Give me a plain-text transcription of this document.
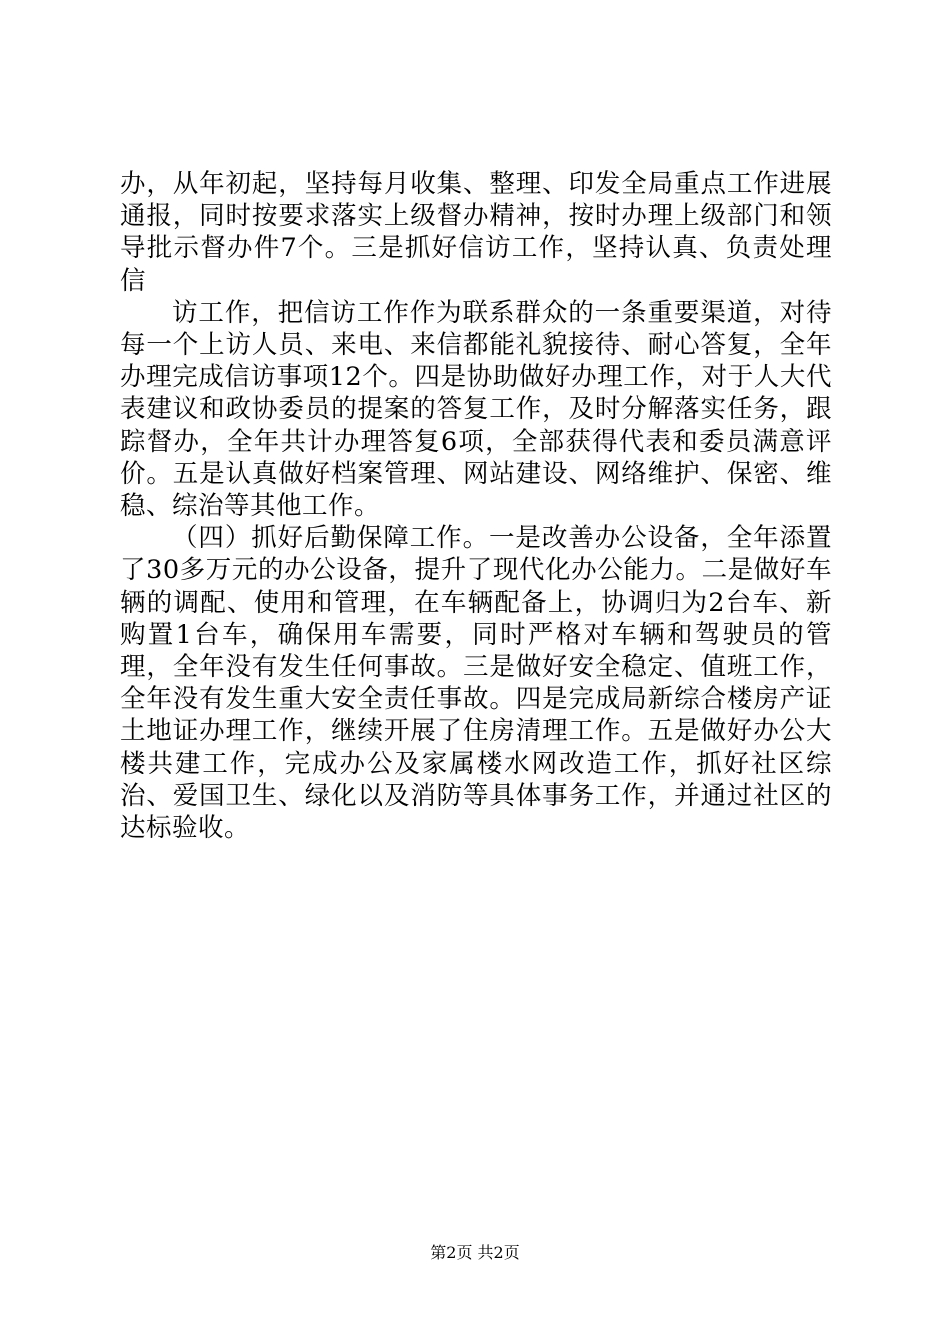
办，从年初起，坚持每月收集、整理、印发全局重点工作进展通报，同时按要求落实上级督办精神，按时办理上级部门和领导批示督办件7个。三是抓好信访工作，坚持认真、负责处理信

访工作，把信访工作作为联系群众的一条重要渠道，对待每一个上访人员、来电、来信都能礼貌接待、耐心答复，全年办理完成信访事项12个。四是协助做好办理工作，对于人大代表建议和政协委员的提案的答复工作，及时分解落实任务，跟踪督办，全年共计办理答复6项，全部获得代表和委员满意评价。五是认真做好档案管理、网站建设、网络维护、保密、维稳、综治等其他工作。

（四）抓好后勤保障工作。一是改善办公设备，全年添置了30多万元的办公设备，提升了现代化办公能力。二是做好车辆的调配、使用和管理，在车辆配备上，协调归为2台车、新购置1台车，确保用车需要，同时严格对车辆和驾驶员的管理，全年没有发生任何事故。三是做好安全稳定、值班工作，全年没有发生重大安全责任事故。四是完成局新综合楼房产证土地证办理工作，继续开展了住房清理工作。五是做好办公大楼共建工作，完成办公及家属楼水网改造工作，抓好社区综治、爱国卫生、绿化以及消防等具体事务工作，并通过社区的达标验收。

第2页 共2页
